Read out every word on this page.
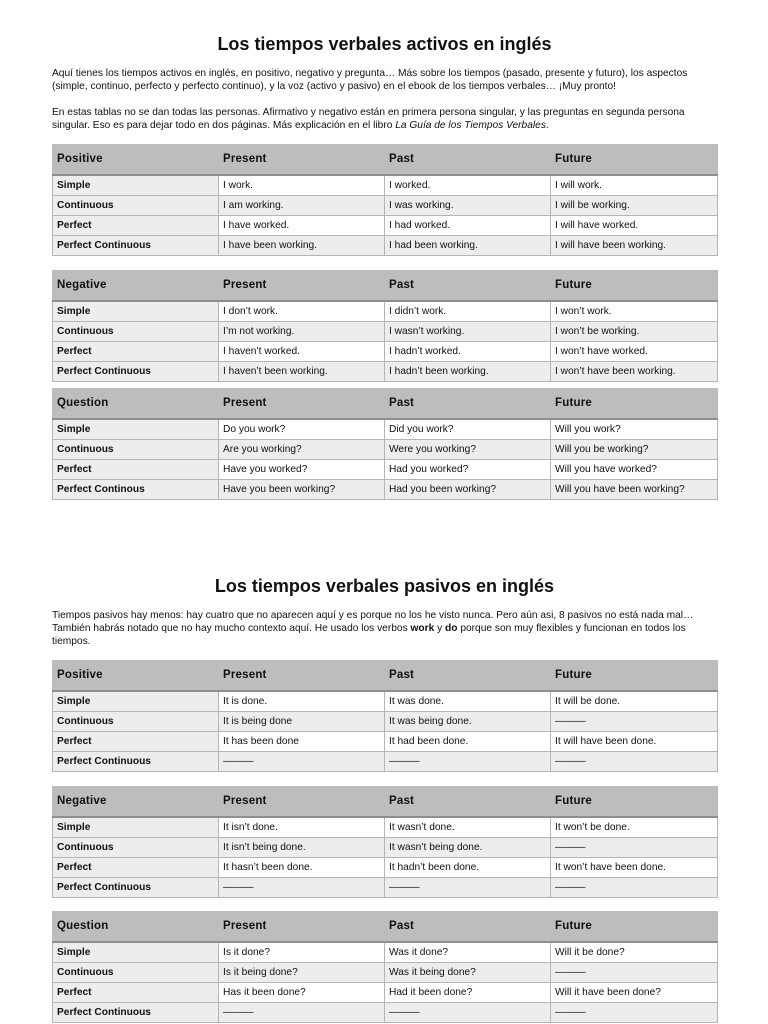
Los tiempos verbales activos en inglés

Aquí tienes los tiempos activos en inglés, en positivo, negativo y pregunta… Más sobre los tiempos (pasado, presente y futuro), los aspectos (simple, continuo, perfecto y perfecto continuo), y la voz (activo y pasivo) en el ebook de los tiempos verbales… ¡Muy pronto!

En estas tablas no se dan todas las personas. Afirmativo y negativo están en primera persona singular, y las preguntas en segunda persona singular. Eso es para dejar todo en dos páginas. Más explicación en el libro La Guía de los Tiempos Verbales.

Positive	Present	Past	Future
Simple	I work.	I worked.	I will work.
Continuous	I am working.	I was working.	I will be working.
Perfect	I have worked.	I had worked.	I will have worked.
Perfect Continuous	I have been working.	I had been working.	I will have been working.
Negative	Present	Past	Future
Simple	I don’t work.	I didn’t work.	I won’t work.
Continuous	I’m not working.	I wasn’t working.	I won’t be working.
Perfect	I haven’t worked.	I hadn’t worked.	I won’t have worked.
Perfect Continuous	I haven’t been working.	I hadn’t been working.	I won’t have been working.
Question	Present	Past	Future
Simple	Do you work?	Did you work?	Will you work?
Continuous	Are you working?	Were you working?	Will you be working?
Perfect	Have you worked?	Had you worked?	Will you have worked?
Perfect Continous	Have you been working?	Had you been working?	Will you have been working?
Los tiempos verbales pasivos en inglés

Tiempos pasivos hay menos: hay cuatro que no aparecen aquí y es porque no los he visto nunca. Pero aún asi, 8 pasivos no está nada mal… También habrás notado que no hay mucho contexto aquí. He usado los verbos work y do porque son muy flexibles y funcionan en todos los tiempos.

Positive	Present	Past	Future
Simple	It is done.	It was done.	It will be done.
Continuous	It is being done	It was being done.	———
Perfect	It has been done	It had been done.	It will have been done.
Perfect Continuous	———	———	———
Negative	Present	Past	Future
Simple	It isn’t done.	It wasn’t done.	It won’t be done.
Continuous	It isn’t being done.	It wasn’t being done.	———
Perfect	It hasn’t been done.	It hadn’t been done.	It won’t have been done.
Perfect Continuous	———	———	———
Question	Present	Past	Future
Simple	Is it done?	Was it done?	Will it be done?
Continuous	Is it being done?	Was it being done?	———
Perfect	Has it been done?	Had it been done?	Will it have been done?
Perfect Continuous	———	———	———
